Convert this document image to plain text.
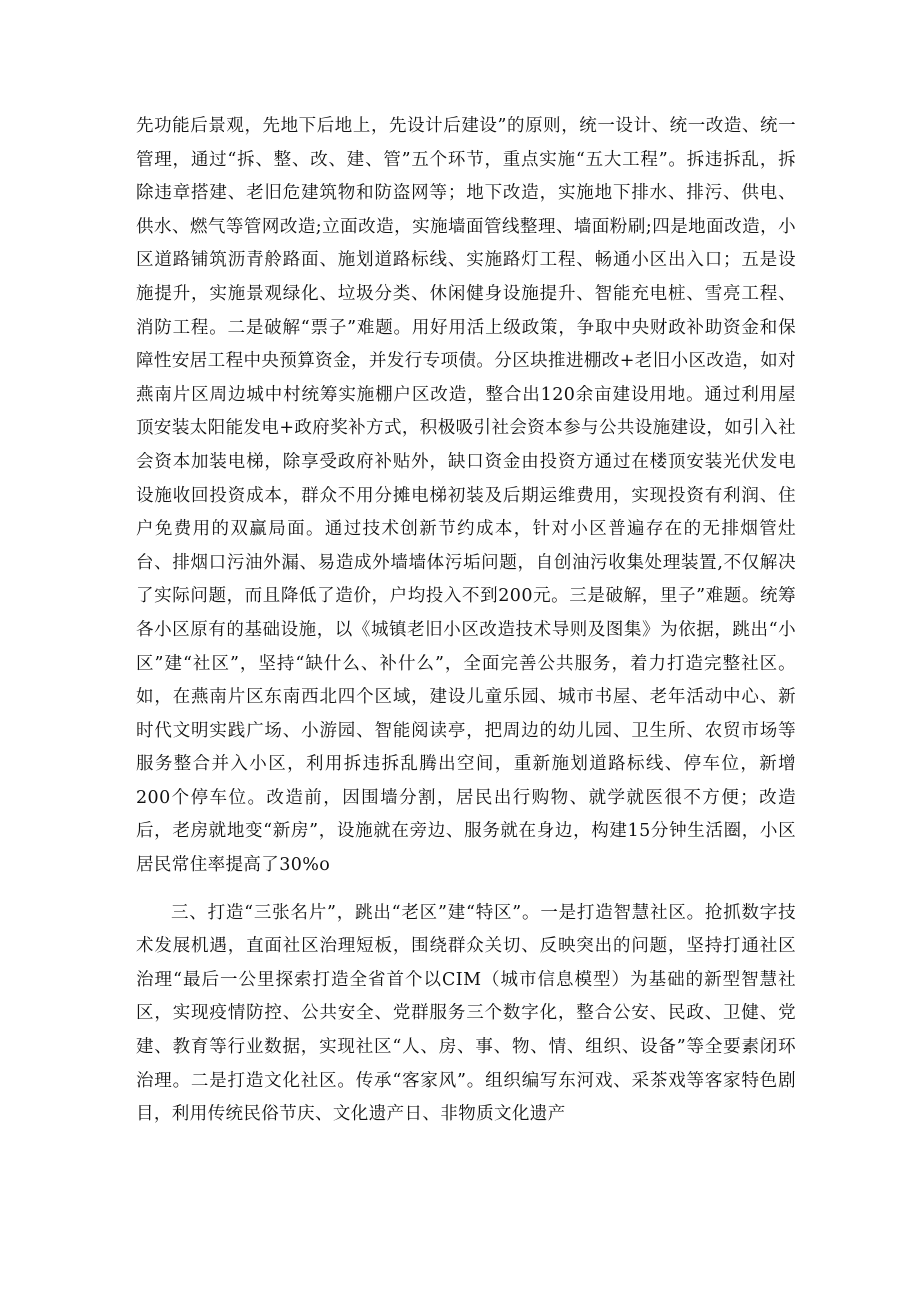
先功能后景观，先地下后地上，先设计后建设”的原则，统一设计、统一改造、统一管理，通过“拆、整、改、建、管”五个环节，重点实施“五大工程”。拆违拆乱，拆除违章搭建、老旧危建筑物和防盗网等；地下改造，实施地下排水、排污、供电、供水、燃气等管网改造;立面改造，实施墙面管线整理、墙面粉刷;四是地面改造，小区道路铺筑沥青舲路面、施划道路标线、实施路灯工程、畅通小区出入口；五是设施提升，实施景观绿化、垃圾分类、休闲健身设施提升、智能充电桩、雪亮工程、消防工程。二是破解“票子”难题。用好用活上级政策，争取中央财政补助资金和保障性安居工程中央预算资金，并发行专项债。分区块推进棚改+老旧小区改造，如对燕南片区周边城中村统筹实施棚户区改造，整合出120余亩建设用地。通过利用屋顶安装太阳能发电+政府奖补方式，积极吸引社会资本参与公共设施建设，如引入社会资本加装电梯，除享受政府补贴外，缺口资金由投资方通过在楼顶安装光伏发电设施收回投资成本，群众不用分摊电梯初装及后期运维费用，实现投资有利润、住户免费用的双赢局面。通过技术创新节约成本，针对小区普遍存在的无排烟管灶台、排烟口污油外漏、易造成外墙墙体污垢问题，自创油污收集处理装置,不仅解决了实际问题，而且降低了造价，户均投入不到200元。三是破解，里子”难题。统筹各小区原有的基础设施，以《城镇老旧小区改造技术导则及图集》为依据，跳出“小区”建“社区”，坚持“缺什么、补什么”，全面完善公共服务，着力打造完整社区。如，在燕南片区东南西北四个区域，建设儿童乐园、城市书屋、老年活动中心、新时代文明实践广场、小游园、智能阅读亭，把周边的幼儿园、卫生所、农贸市场等服务整合并入小区，利用拆违拆乱腾出空间，重新施划道路标线、停车位，新增200个停车位。改造前，因围墙分割，居民出行购物、就学就医很不方便；改造后，老房就地变“新房”，设施就在旁边、服务就在身边，构建15分钟生活圈，小区居民常住率提高了30%o

三、打造“三张名片”，跳出“老区”建“特区”。一是打造智慧社区。抢抓数字技术发展机遇，直面社区治理短板，围绕群众关切、反映突出的问题，坚持打通社区治理“最后一公里探索打造全省首个以CIM（城市信息模型）为基础的新型智慧社区，实现疫情防控、公共安全、党群服务三个数字化，整合公安、民政、卫健、党建、教育等行业数据，实现社区“人、房、事、物、情、组织、设备”等全要素闭环治理。二是打造文化社区。传承“客家风”。组织编写东河戏、采茶戏等客家特色剧目，利用传统民俗节庆、文化遗产日、非物质文化遗产
